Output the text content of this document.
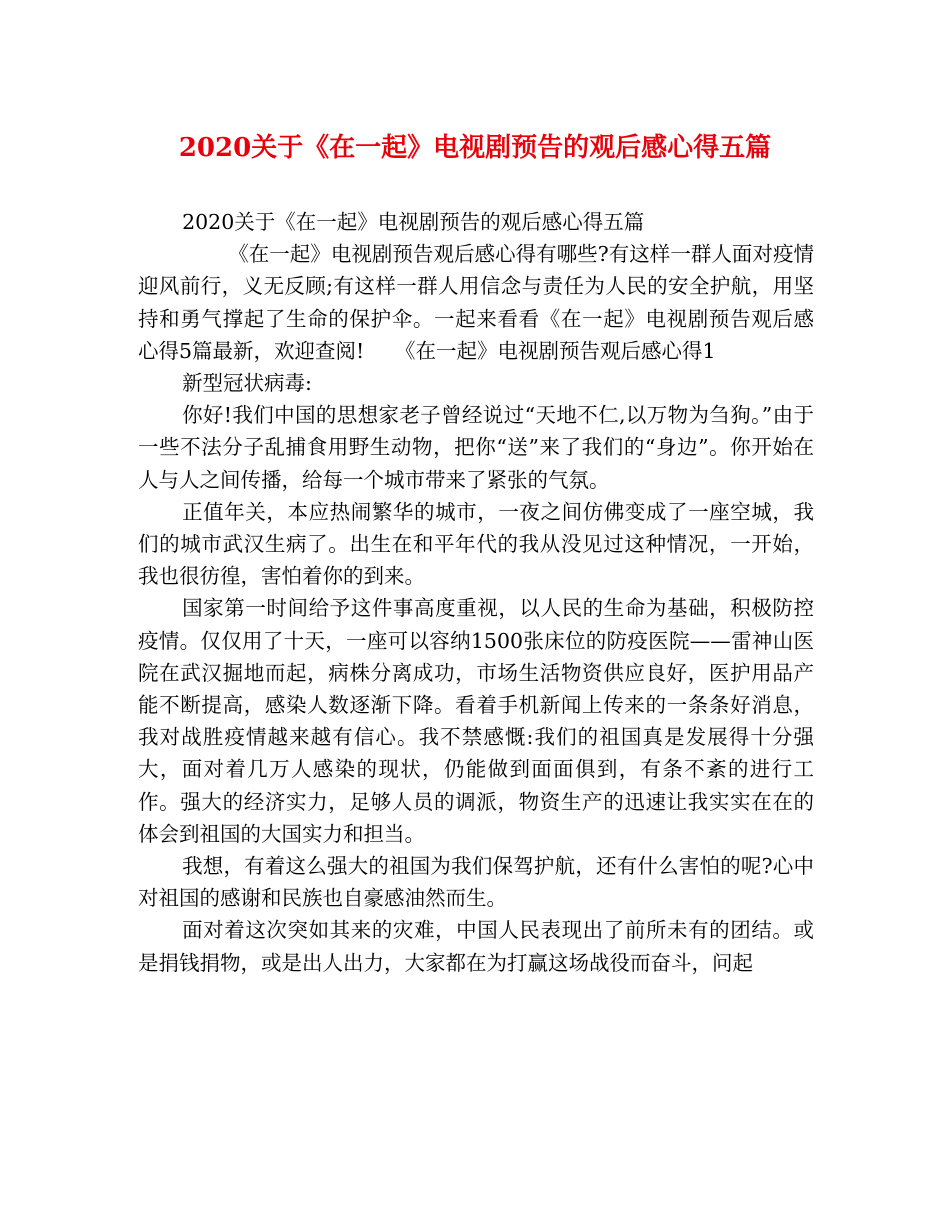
2020关于《在一起》电视剧预告的观后感心得五篇

2020关于《在一起》电视剧预告的观后感心得五篇

《在一起》电视剧预告观后感心得有哪些?有这样一群人面对疫情迎风前行，义无反顾;有这样一群人用信念与责任为人民的安全护航，用坚持和勇气撑起了生命的保护伞。一起来看看《在一起》电视剧预告观后感心得5篇最新，欢迎查阅!　　《在一起》电视剧预告观后感心得1

新型冠状病毒:

你好!我们中国的思想家老子曾经说过“天地不仁,以万物为刍狗。”由于一些不法分子乱捕食用野生动物，把你“送”来了我们的“身边”。你开始在人与人之间传播，给每一个城市带来了紧张的气氛。

正值年关，本应热闹繁华的城市，一夜之间仿佛变成了一座空城，我们的城市武汉生病了。出生在和平年代的我从没见过这种情况，一开始，我也很彷徨，害怕着你的到来。

国家第一时间给予这件事高度重视，以人民的生命为基础，积极防控疫情。仅仅用了十天，一座可以容纳1500张床位的防疫医院——雷神山医院在武汉掘地而起，病株分离成功，市场生活物资供应良好，医护用品产能不断提高，感染人数逐渐下降。看着手机新闻上传来的一条条好消息，我对战胜疫情越来越有信心。我不禁感慨:我们的祖国真是发展得十分强大，面对着几万人感染的现状，仍能做到面面俱到，有条不紊的进行工作。强大的经济实力，足够人员的调派，物资生产的迅速让我实实在在的体会到祖国的大国实力和担当。

我想，有着这么强大的祖国为我们保驾护航，还有什么害怕的呢?心中对祖国的感谢和民族也自豪感油然而生。

面对着这次突如其来的灾难，中国人民表现出了前所未有的团结。或是捐钱捐物，或是出人出力，大家都在为打赢这场战役而奋斗，问起
